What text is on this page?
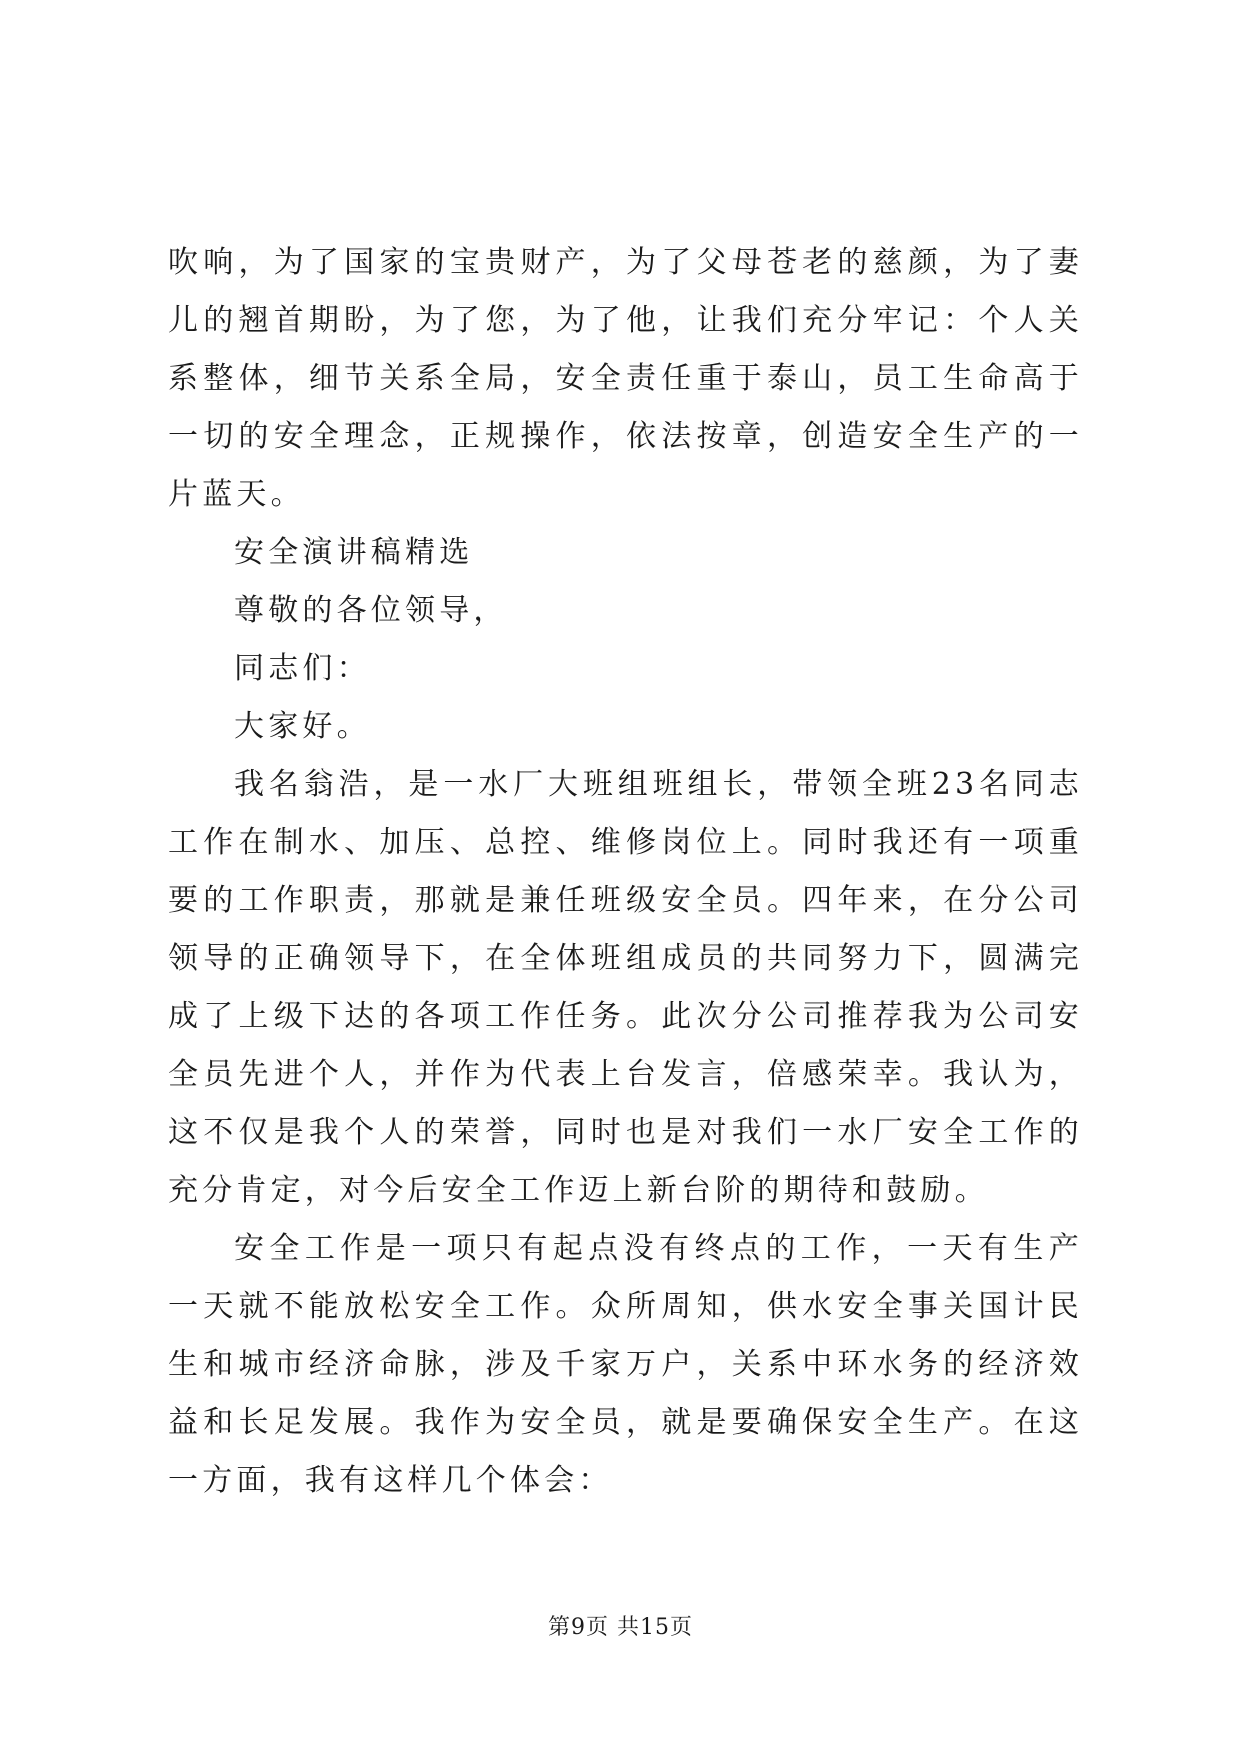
吹响，为了国家的宝贵财产，为了父母苍老的慈颜，为了妻儿的翘首期盼，为了您，为了他，让我们充分牢记：个人关系整体，细节关系全局，安全责任重于泰山，员工生命高于一切的安全理念，正规操作，依法按章，创造安全生产的一片蓝天。

安全演讲稿精选

尊敬的各位领导，

同志们：

大家好。

我名翁浩，是一水厂大班组班组长，带领全班23名同志工作在制水、加压、总控、维修岗位上。同时我还有一项重要的工作职责，那就是兼任班级安全员。四年来，在分公司领导的正确领导下，在全体班组成员的共同努力下，圆满完成了上级下达的各项工作任务。此次分公司推荐我为公司安全员先进个人，并作为代表上台发言，倍感荣幸。我认为，这不仅是我个人的荣誉，同时也是对我们一水厂安全工作的充分肯定，对今后安全工作迈上新台阶的期待和鼓励。

安全工作是一项只有起点没有终点的工作，一天有生产一天就不能放松安全工作。众所周知，供水安全事关国计民生和城市经济命脉，涉及千家万户，关系中环水务的经济效益和长足发展。我作为安全员，就是要确保安全生产。在这一方面，我有这样几个体会：

第9页 共15页
